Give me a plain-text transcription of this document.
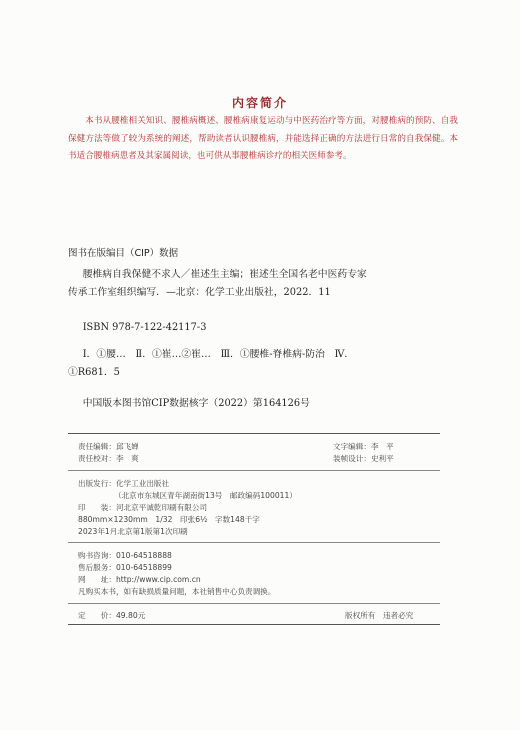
内容简介
本书从腰椎相关知识、腰椎病概述、腰椎病康复运动与中医药治疗等方面，对腰椎病的预防、自我保健方法等做了较为系统的阐述，帮助读者认识腰椎病，并能选择正确的方法进行日常的自我保健。本书适合腰椎病患者及其家属阅读，也可供从事腰椎病诊疗的相关医师参考。
图书在版编目（CIP）数据
腰椎病自我保健不求人／崔述生主编；崔述生全国名老中医药专家传承工作室组织编写．—北京：化学工业出版社，2022．11
ISBN 978-7-122-42117-3
Ⅰ．①腰…　Ⅱ．①崔…②崔…　Ⅲ．①腰椎-脊椎病-防治　Ⅳ．①R681．5
中国版本图书馆CIP数据核字（2022）第164126号
责任编辑：邱飞婵
责任校对：李　爽
文字编辑：李　平
装帧设计：史利平
出版发行：化学工业出版社
（北京市东城区青年湖南街13号　邮政编码100011）
印　　装：河北京平诚乾印刷有限公司
880mm×1230mm　1/32　印张6½　字数148千字
2023年1月北京第1版第1次印刷
购书咨询：010-64518888
售后服务：010-64518899
网　　址：http://www.cip.com.cn
凡购买本书，如有缺损质量问题，本社销售中心负责调换。
定　　价：49.80元	版权所有　违者必究
